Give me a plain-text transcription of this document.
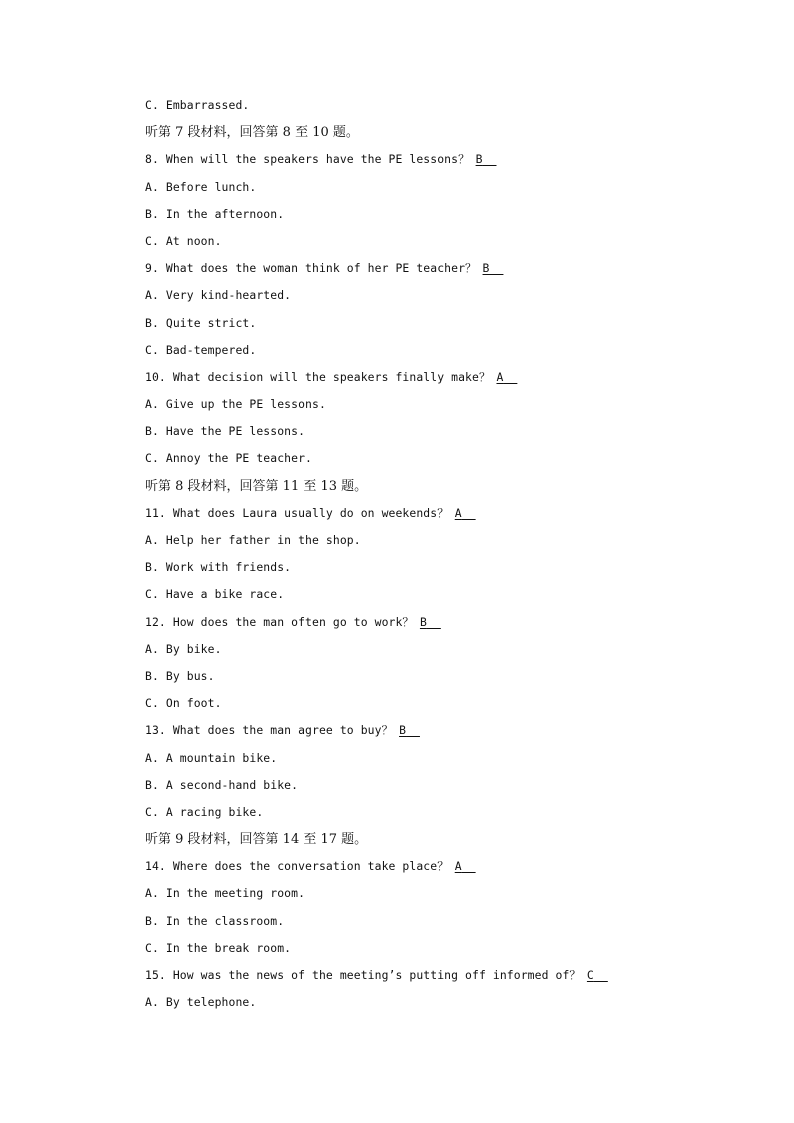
C. Embarrassed.
听第 7 段材料，回答第 8 至 10 题。
8. When will the speakers have the PE lessons？ B
A. Before lunch.
B. In the afternoon.
C. At noon.
9. What does the woman think of her PE teacher？ B
A. Very kind-hearted.
B. Quite strict.
C. Bad-tempered.
10. What decision will the speakers finally make？ A
A. Give up the PE lessons.
B. Have the PE lessons.
C. Annoy the PE teacher.
听第 8 段材料，回答第 11 至 13 题。
11. What does Laura usually do on weekends？ A
A. Help her father in the shop.
B. Work with friends.
C. Have a bike race.
12. How does the man often go to work？ B
A. By bike.
B. By bus.
C. On foot.
13. What does the man agree to buy？ B
A. A mountain bike.
B. A second-hand bike.
C. A racing bike.
听第 9 段材料，回答第 14 至 17 题。
14. Where does the conversation take place？ A
A. In the meeting room.
B. In the classroom.
C. In the break room.
15. How was the news of the meeting’s putting off informed of？ C
A. By telephone.
